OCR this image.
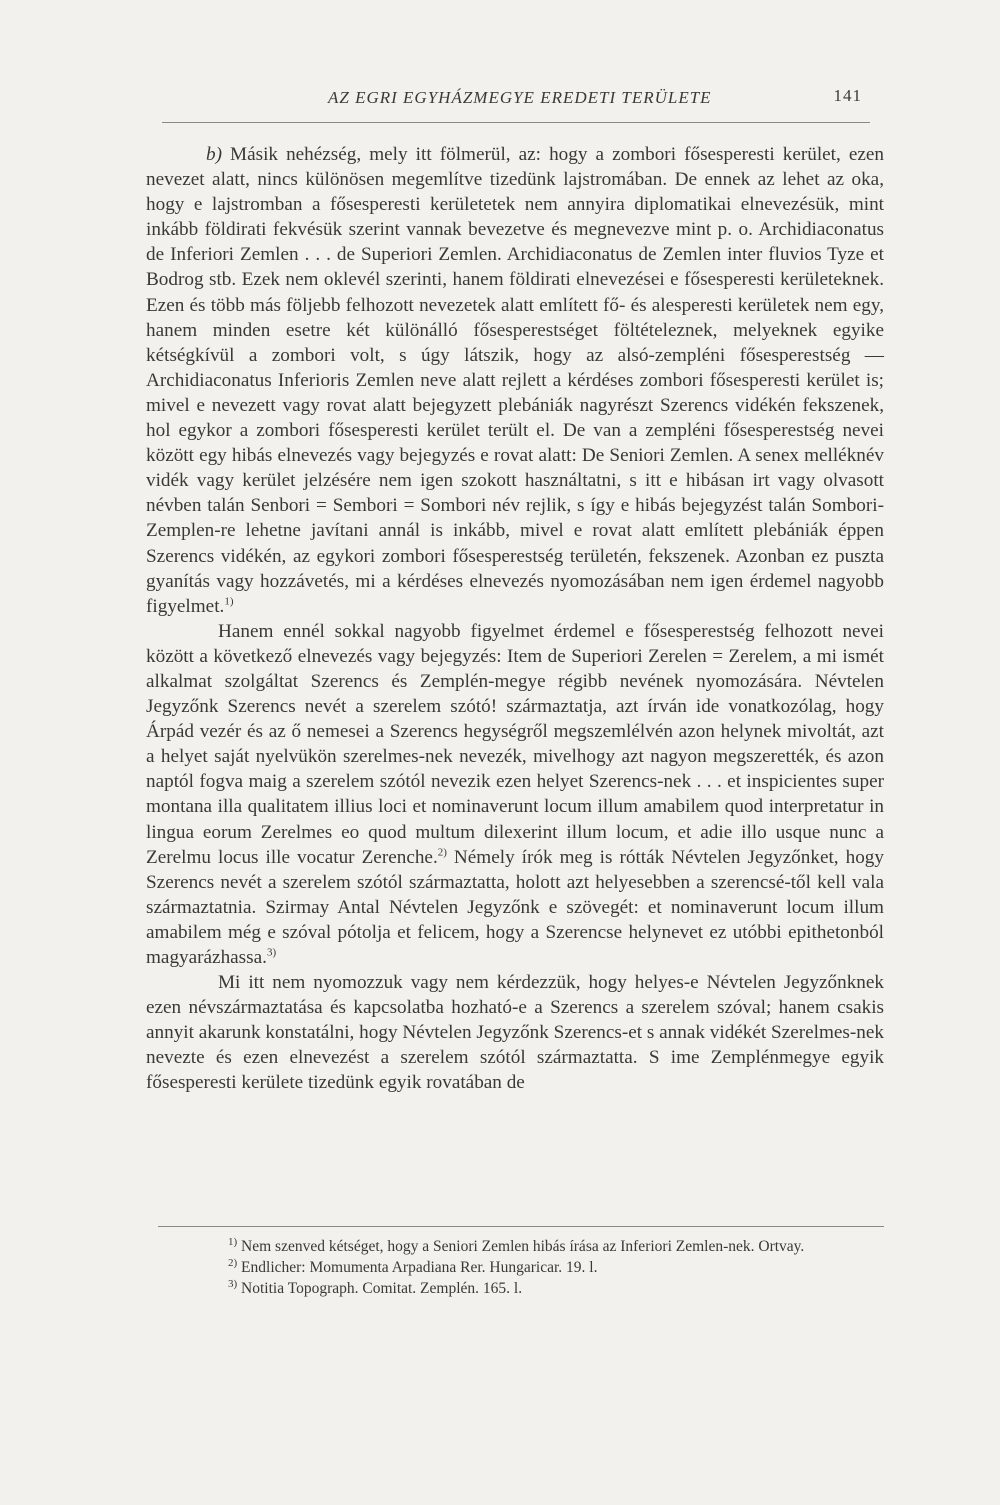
AZ EGRI EGYHÁZMEGYE EREDETI TERÜLETE	141

b) Másik nehézség, mely itt fölmerül, az: hogy a zombori fősesperesti kerület, ezen nevezet alatt, nincs különösen megemlítve tizedünk lajstromában. De ennek az lehet az oka, hogy e lajstromban a fősesperesti kerületetek nem annyira diplomatikai elnevezésük, mint inkább földirati fekvésük szerint vannak bevezetve és megnevezve mint p. o. Archidiaconatus de Inferiori Zemlen . . . de Superiori Zemlen. Archidiaconatus de Zemlen inter fluvios Tyze et Bodrog stb. Ezek nem oklevél szerinti, hanem földirati elnevezései e fősesperesti kerületeknek. Ezen és több más följebb felhozott nevezetek alatt említett fő- és alesperesti kerületek nem egy, hanem minden esetre két különálló fősesperestséget föltételeznek, melyeknek egyike kétségkívül a zombori volt, s úgy látszik, hogy az alsó-zempléni fősesperestség — Archidiaconatus Inferioris Zemlen neve alatt rejlett a kérdéses zombori fősesperesti kerület is; mivel e nevezett vagy rovat alatt bejegyzett plebániák nagyrészt Szerencs vidékén fekszenek, hol egykor a zombori fősesperesti kerület terült el. De van a zempléni fősesperestség nevei között egy hibás elnevezés vagy bejegyzés e rovat alatt: De Seniori Zemlen. A senex melléknév vidék vagy kerület jelzésére nem igen szokott használtatni, s itt e hibásan irt vagy olvasott névben talán Senbori = Sembori = Sombori név rejlik, s így e hibás bejegyzést talán Sombori-Zemplen-re lehetne javítani annál is inkább, mivel e rovat alatt említett plebániák éppen Szerencs vidékén, az egykori zombori fősesperestség területén, fekszenek. Azonban ez puszta gyanítás vagy hozzávetés, mi a kérdéses elnevezés nyomozásában nem igen érdemel nagyobb figyelmet.$^{1)}$

Hanem ennél sokkal nagyobb figyelmet érdemel e fősesperestség felhozott nevei között a következő elnevezés vagy bejegyzés: Item de Superiori Zerelen = Zerelem, a mi ismét alkalmat szolgáltat Szerencs és Zemplén-megye régibb nevének nyomozására. Névtelen Jegyzőnk Szerencs nevét a szerelem szótó! származtatja, azt írván ide vonatkozólag, hogy Árpád vezér és az ő nemesei a Szerencs hegységről megszemlélvén azon helynek mivoltát, azt a helyet saját nyelvükön szerelmes-nek nevezék, mivelhogy azt nagyon megszerették, és azon naptól fogva maig a szerelem szótól nevezik ezen helyet Szerencs-nek . . . et inspicientes super montana illa qualitatem illius loci et nominaverunt locum illum amabilem quod interpretatur in lingua eorum Zerelmes eo quod multum dilexerint illum locum, et adie illo usque nunc a Zerelmu locus ille vocatur Zerenche.$^{2)}$ Némely írók meg is rótták Névtelen Jegyzőnket, hogy Szerencs nevét a szerelem szótól származtatta, holott azt helyesebben a szerencsé-től kell vala származtatnia. Szirmay Antal Névtelen Jegyzőnk e szövegét: et nominaverunt locum illum amabilem még e szóval pótolja et felicem, hogy a Szerencse helynevet ez utóbbi epithetonból magyarázhassa.$^{3)}$

Mi itt nem nyomozzuk vagy nem kérdezzük, hogy helyes-e Névtelen Jegyzőnknek ezen névszármaztatása és kapcsolatba hozható-e a Szerencs a szerelem szóval; hanem csakis annyit akarunk konstatálni, hogy Névtelen Jegyzőnk Szerencs-et s annak vidékét Szerelmes-nek nevezte és ezen elnevezést a szerelem szótól származtatta. S ime Zemplénmegye egyik fősesperesti kerülete tizedünk egyik rovatában de

$^{1)}$ Nem szenved kétséget, hogy a Seniori Zemlen hibás írása az Inferiori Zemlen-nek. Ortvay.

$^{2)}$ Endlicher: Momumenta Arpadiana Rer. Hungaricar. 19. l.

$^{3)}$ Notitia Topograph. Comitat. Zemplén. 165. l.
